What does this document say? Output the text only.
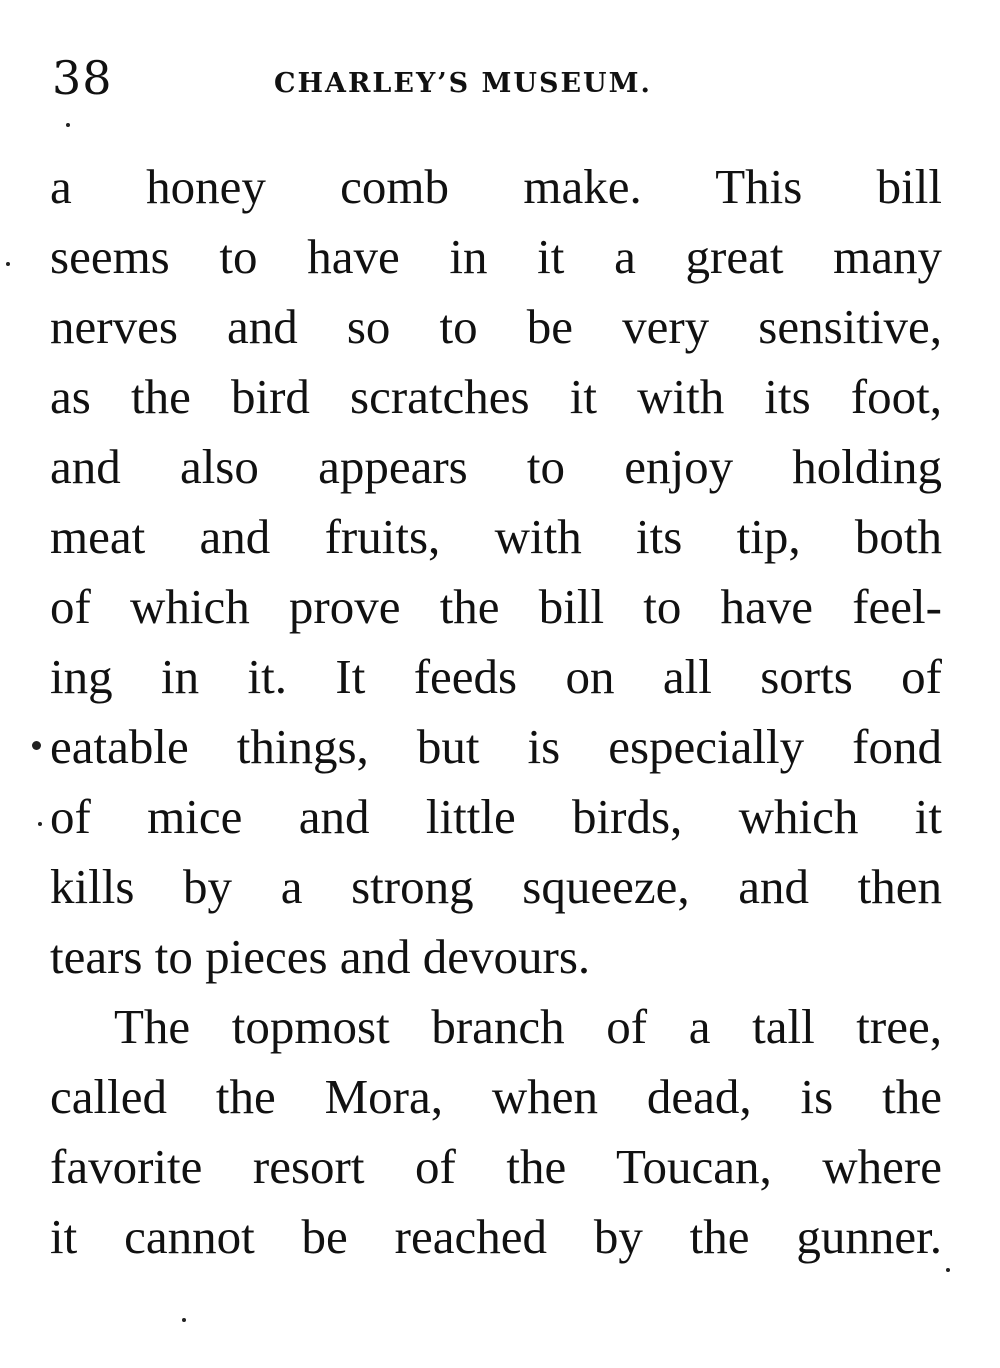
38	CHARLEY’S MUSEUM.
a honey comb make. This bill
seems to have in it a great many
nerves and so to be very sensitive,
as the bird scratches it with its foot,
and also appears to enjoy holding
meat and fruits, with its tip, both
of which prove the bill to have feel-
ing in it. It feeds on all sorts of
eatable things, but is especially fond
of mice and little birds, which it
kills by a strong squeeze, and then
tears to pieces and devours.
The topmost branch of a tall tree,
called the Mora, when dead, is the
favorite resort of the Toucan, where
it cannot be reached by the gunner.
